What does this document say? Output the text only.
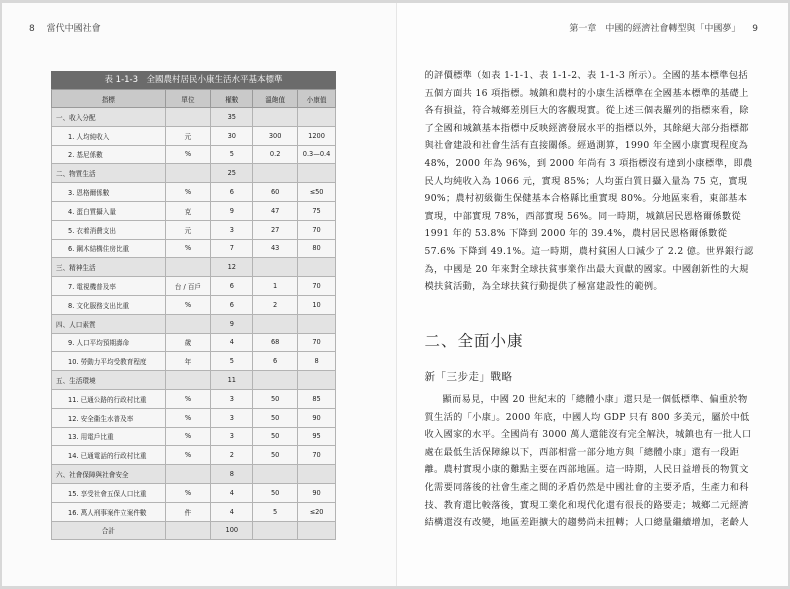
8 當代中國社會
表 1-1-3　全國農村居民小康生活水平基本標準
指標	單位	權數	溫飽值	小康值
一、收入分配		35		
1. 人均純收入	元	30	300	1200
2. 基尼係數	%	5	0.2	0.3—0.4
二、物質生活		25		
3. 恩格爾係數	%	6	60	≤50
4. 蛋白質攝入量	克	9	47	75
5. 衣着消費支出	元	3	27	70
6. 鋼木結構住房比重	%	7	43	80
三、精神生活		12		
7. 電視機普及率	台 / 百戶	6	1	70
8. 文化服務支出比重	%	6	2	10
四、人口素質		9		
9. 人口平均預期壽命	歲	4	68	70
10. 勞動力平均受教育程度	年	5	6	8
五、生活環境		11		
11. 已通公路的行政村比重	%	3	50	85
12. 安全衞生水普及率	%	3	50	90
13. 用電戶比重	%	3	50	95
14. 已通電話的行政村比重	%	2	50	70
六、社會保障與社會安全		8		
15. 享受社會五保人口比重	%	4	50	90
16. 萬人刑事案件立案件數	件	4	5	≤20
合計		100		
第一章　中國的經濟社會轉型與「中國夢」 9
的評價標準（如表 1-1-1、表 1-1-2、表 1-1-3 所示）。全國的基本標準包括五個方面共 16 項指標。城鎮和農村的小康生活標準在全國基本標準的基礎上各有損益，符合城鄉差別巨大的客觀現實。從上述三個表羅列的指標來看，除了全國和城鎮基本指標中反映經濟發展水平的指標以外，其餘絕大部分指標都與社會建設和社會生活有直接關係。經過測算，1990 年全國小康實現程度為 48%，2000 年為 96%，到 2000 年尚有 3 項指標沒有達到小康標準，即農民人均純收入為 1066 元，實現 85%；人均蛋白質日攝入量為 75 克，實現 90%；農村初級衞生保健基本合格縣比重實現 80%。分地區來看，東部基本實現，中部實現 78%，西部實現 56%。同一時期，城鎮居民恩格爾係數從 1991 年的 53.8% 下降到 2000 年的 39.4%，農村居民恩格爾係數從 57.6% 下降到 49.1%。這一時期，農村貧困人口減少了 2.2 億。世界銀行認為，中國是 20 年來對全球扶貧事業作出最大貢獻的國家。中國創新性的大規模扶貧活動，為全球扶貧行動提供了極富建設性的範例。
二、全面小康
新「三步走」戰略
顯而易見，中國 20 世紀末的「總體小康」還只是一個低標準、偏重於物質生活的「小康」。2000 年底，中國人均 GDP 只有 800 多美元，屬於中低收入國家的水平。全國尚有 3000 萬人還能沒有完全解決，城鎮也有一批人口處在最低生活保障線以下，西部相當一部分地方與「總體小康」還有一段距離。農村實現小康的難點主要在西部地區。這一時期，人民日益增長的物質文化需要同落後的社會生產之間的矛盾仍然是中國社會的主要矛盾，生產力和科技、教育還比較落後，實現工業化和現代化還有很長的路要走；城鄉二元經濟結構還沒有改變，地區差距擴大的趨勢尚未扭轉；人口總量繼續增加，老齡人
